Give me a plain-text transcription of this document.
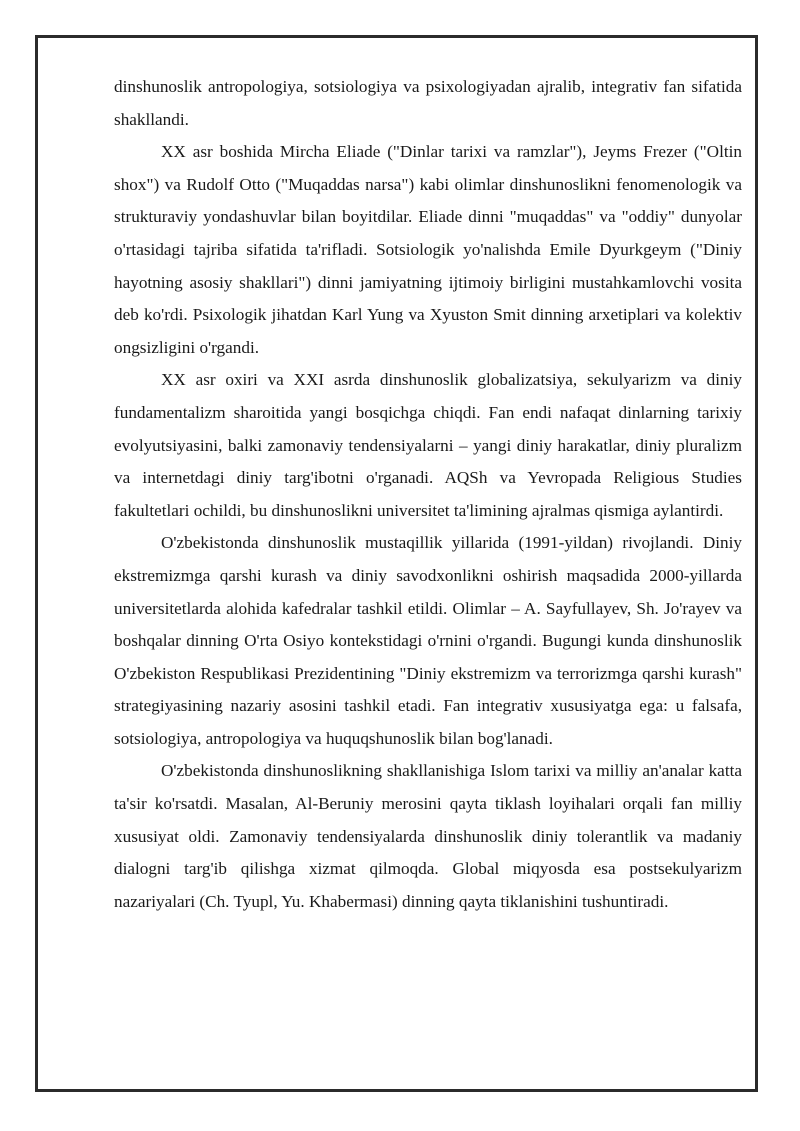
dinshunoslik antropologiya, sotsiologiya va psixologiyadan ajralib, integrativ fan sifatida shakllandi.

XX asr boshida Mircha Eliade ("Dinlar tarixi va ramzlar"), Jeyms Frezer ("Oltin shox") va Rudolf Otto ("Muqaddas narsa") kabi olimlar dinshunoslikni fenomenologik va strukturaviy yondashuvlar bilan boyitdilar. Eliade dinni "muqaddas" va "oddiy" dunyolar o'rtasidagi tajriba sifatida ta'rifladi. Sotsiologik yo'nalishda Emile Dyurkgeym ("Diniy hayotning asosiy shakllari") dinni jamiyatning ijtimoiy birligini mustahkamlovchi vosita deb ko'rdi. Psixologik jihatdan Karl Yung va Xyuston Smit dinning arxetiplari va kolektiv ongsizligini o'rgandi.

XX asr oxiri va XXI asrda dinshunoslik globalizatsiya, sekulyarizm va diniy fundamentalizm sharoitida yangi bosqichga chiqdi. Fan endi nafaqat dinlarning tarixiy evolyutsiyasini, balki zamonaviy tendensiyalarni – yangi diniy harakatlar, diniy pluralizm va internetdagi diniy targ'ibotni o'rganadi. AQSh va Yevropada Religious Studies fakultetlari ochildi, bu dinshunoslikni universitet ta'limining ajralmas qismiga aylantirdi.

O'zbekistonda dinshunoslik mustaqillik yillarida (1991-yildan) rivojlandi. Diniy ekstremizmga qarshi kurash va diniy savodxonlikni oshirish maqsadida 2000-yillarda universitetlarda alohida kafedralar tashkil etildi. Olimlar – A. Sayfullayev, Sh. Jo'rayev va boshqalar dinning O'rta Osiyo kontekstidagi o'rnini o'rgandi. Bugungi kunda dinshunoslik O'zbekiston Respublikasi Prezidentining "Diniy ekstremizm va terrorizmga qarshi kurash" strategiyasining nazariy asosini tashkil etadi. Fan integrativ xususiyatga ega: u falsafa, sotsiologiya, antropologiya va huquqshunoslik bilan bog'lanadi.

O'zbekistonda dinshunoslikning shakllanishiga Islom tarixi va milliy an'analar katta ta'sir ko'rsatdi. Masalan, Al-Beruniy merosini qayta tiklash loyihalari orqali fan milliy xususiyat oldi. Zamonaviy tendensiyalarda dinshunoslik diniy tolerantlik va madaniy dialogni targ'ib qilishga xizmat qilmoqda. Global miqyosda esa postsekulyarizm nazariyalari (Ch. Tyupl, Yu. Khabermasi) dinning qayta tiklanishini tushuntiradi.
